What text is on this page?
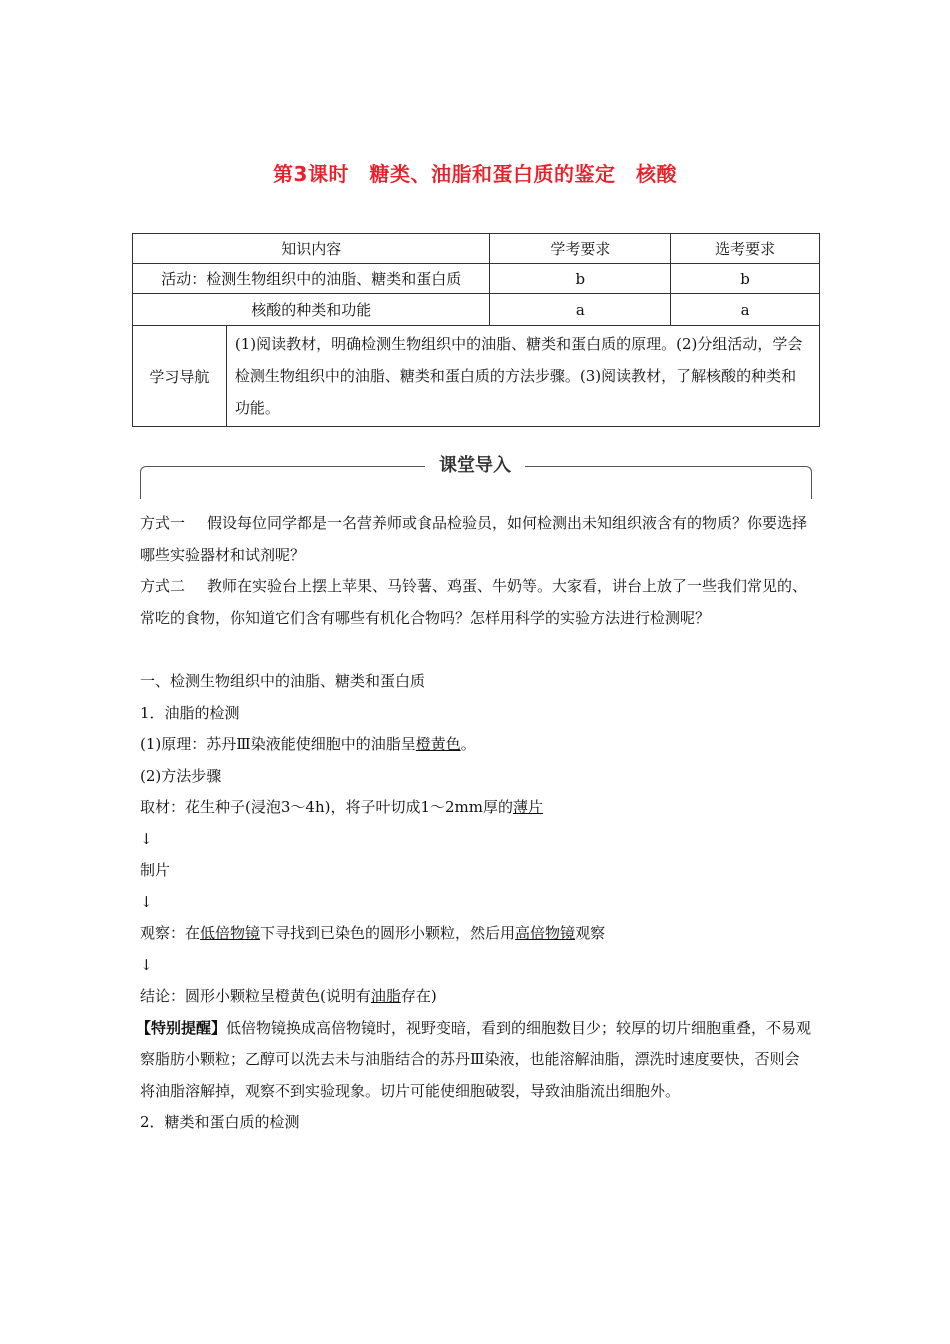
第3课时　糖类、油脂和蛋白质的鉴定　核酸
知识内容		学考要求	选考要求
活动：检测生物组织中的油脂、糖类和蛋白质		b	b
核酸的种类和功能		a	a
学习导航	(1)阅读教材，明确检测生物组织中的油脂、糖类和蛋白质的原理。(2)分组活动，学会检测生物组织中的油脂、糖类和蛋白质的方法步骤。(3)阅读教材，了解核酸的种类和功能。		
课堂导入

方式一 假设每位同学都是一名营养师或食品检验员，如何检测出未知组织液含有的物质？你要选择哪些实验器材和试剂呢？

方式二 教师在实验台上摆上苹果、马铃薯、鸡蛋、牛奶等。大家看，讲台上放了一些我们常见的、常吃的食物，你知道它们含有哪些有机化合物吗？怎样用科学的实验方法进行检测呢？

一、检测生物组织中的油脂、糖类和蛋白质

1．油脂的检测

(1)原理：苏丹Ⅲ染液能使细胞中的油脂呈橙黄色。

(2)方法步骤

取材：花生种子(浸泡3～4h)，将子叶切成1～2mm厚的薄片

↓

制片

↓

观察：在低倍物镜下寻找到已染色的圆形小颗粒，然后用高倍物镜观察

↓

结论：圆形小颗粒呈橙黄色(说明有油脂存在)

【特别提醒】低倍物镜换成高倍物镜时，视野变暗，看到的细胞数目少；较厚的切片细胞重叠，不易观察脂肪小颗粒；乙醇可以洗去未与油脂结合的苏丹Ⅲ染液，也能溶解油脂，漂洗时速度要快，否则会将油脂溶解掉，观察不到实验现象。切片可能使细胞破裂，导致油脂流出细胞外。

2．糖类和蛋白质的检测
